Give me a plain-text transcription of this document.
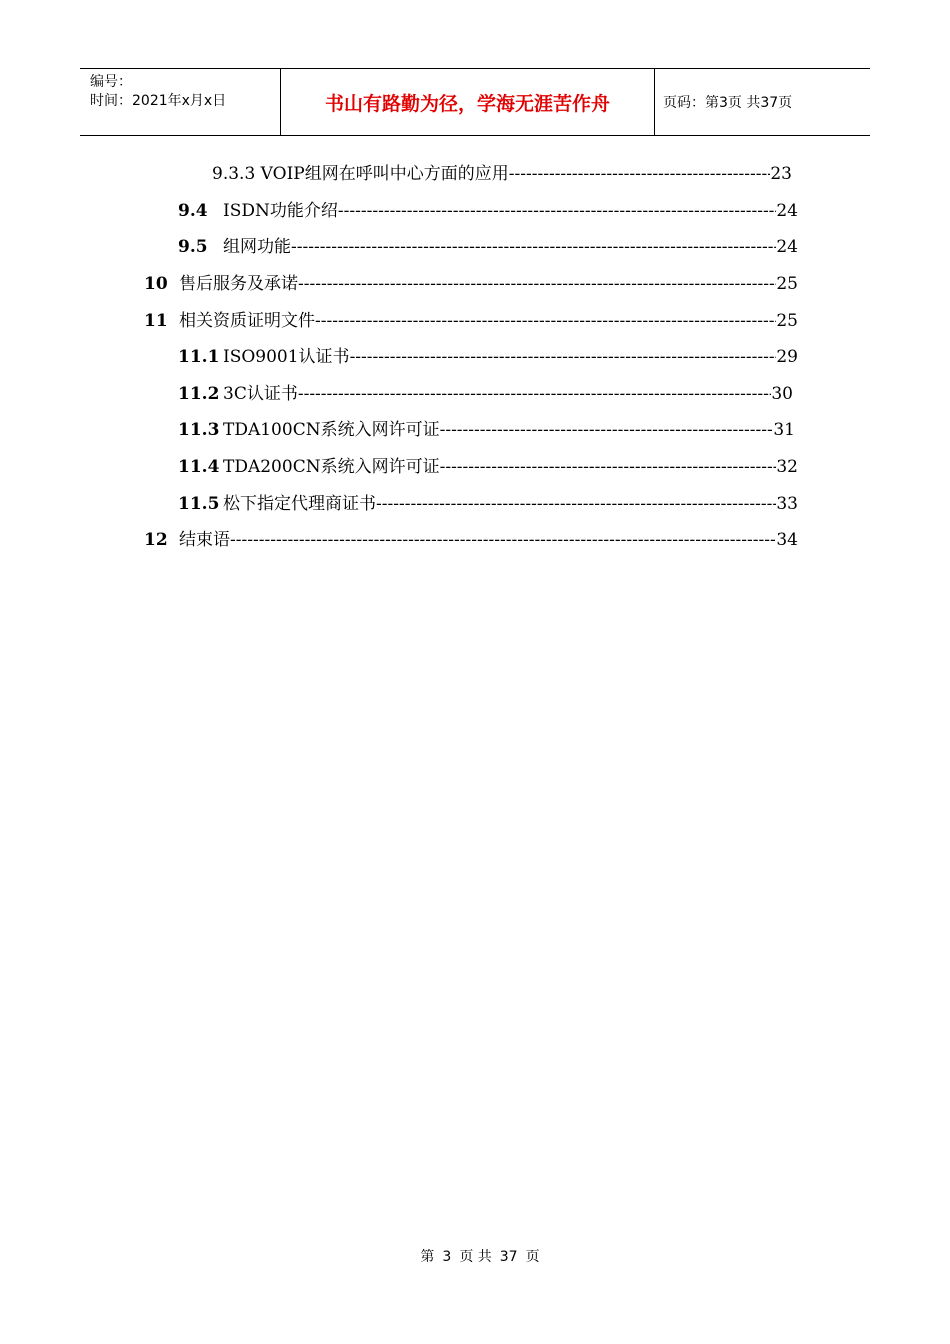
编号：
时间：2021年x月x日	书山有路勤为径，学海无涯苦作舟	页码：第3页 共37页
9.3.3 VOIP组网在呼叫中心方面的应用 -----	23
9.4 ISDN功能介绍 -----	24
9.5 组网功能 -----	24
10 售后服务及承诺 -----	25
11 相关资质证明文件 -----	25
11.1 ISO9001认证书 -----	29
11.2 3C认证书 -----	30
11.3 TDA100CN系统入网许可证 -----	31
11.4 TDA200CN系统入网许可证 -----	32
11.5 松下指定代理商证书 -----	33
12 结束语 -----	34
第 3 页 共 37 页
